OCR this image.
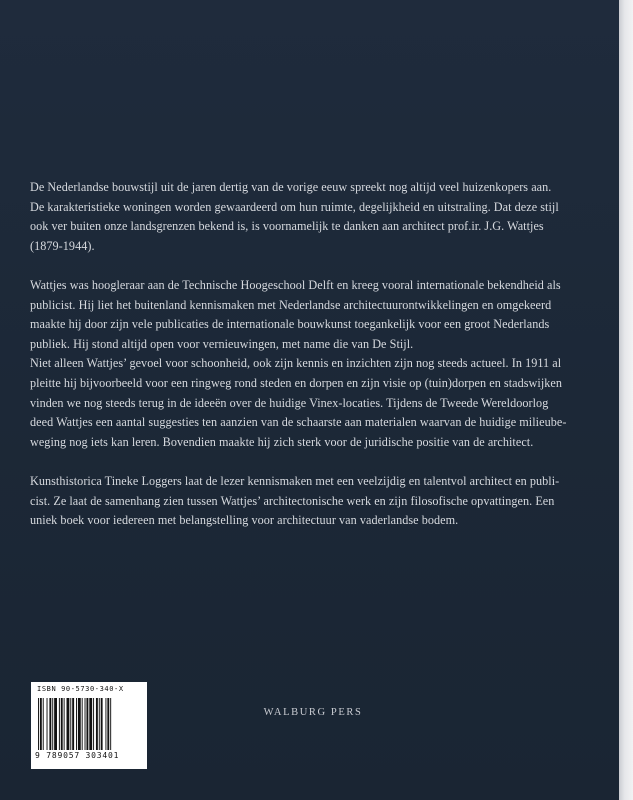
De Nederlandse bouwstijl uit de jaren dertig van de vorige eeuw spreekt nog altijd veel huizenkopers aan.

De karakteristieke woningen worden gewaardeerd om hun ruimte, degelijkheid en uitstraling. Dat deze stijl

ook ver buiten onze landsgrenzen bekend is, is voornamelijk te danken aan architect prof.ir. J.G. Wattjes

(1879-1944).

Wattjes was hoogleraar aan de Technische Hoogeschool Delft en kreeg vooral internationale bekendheid als

publicist. Hij liet het buitenland kennismaken met Nederlandse architectuurontwikkelingen en omgekeerd

maakte hij door zijn vele publicaties de internationale bouwkunst toegankelijk voor een groot Nederlands

publiek. Hij stond altijd open voor vernieuwingen, met name die van De Stijl.

Niet alleen Wattjes’ gevoel voor schoonheid, ook zijn kennis en inzichten zijn nog steeds actueel. In 1911 al

pleitte hij bijvoorbeeld voor een ringweg rond steden en dorpen en zijn visie op (tuin)dorpen en stadswijken

vinden we nog steeds terug in de ideeën over de huidige Vinex-locaties. Tijdens de Tweede Wereldoorlog

deed Wattjes een aantal suggesties ten aanzien van de schaarste aan materialen waarvan de huidige milieube-

weging nog iets kan leren. Bovendien maakte hij zich sterk voor de juridische positie van de architect.

Kunsthistorica Tineke Loggers laat de lezer kennismaken met een veelzijdig en talentvol architect en publi-

cist. Ze laat de samenhang zien tussen Wattjes’ architectonische werk en zijn filosofische opvattingen. Een

uniek boek voor iedereen met belangstelling voor architectuur van vaderlandse bodem.

ISBN 90-5730-340-X
9 789057 303401
WALBURG PERS
